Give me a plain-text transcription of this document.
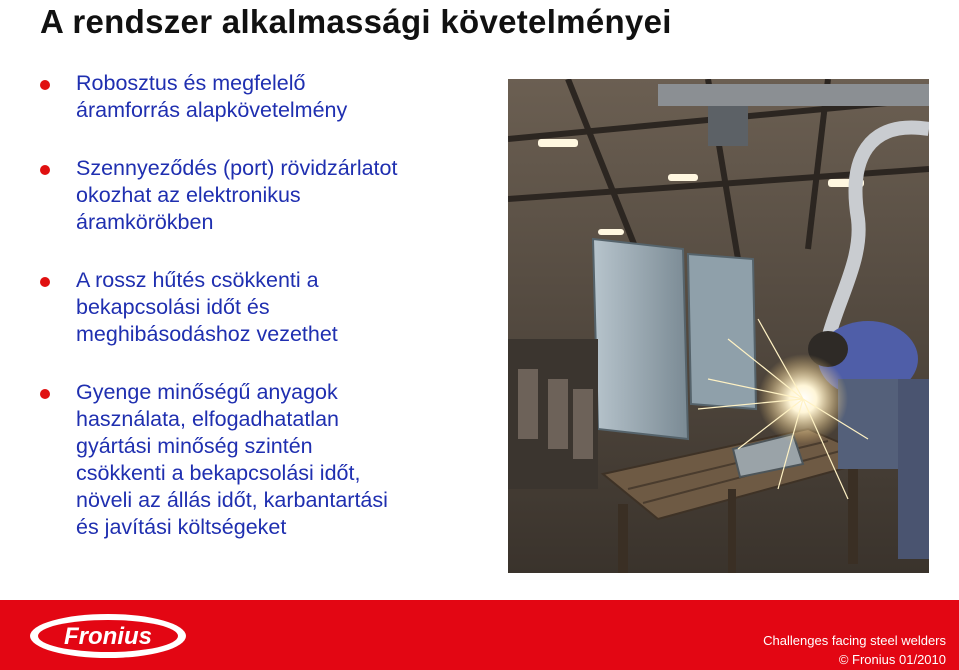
A rendszer alkalmassági követelményei
Robosztus és megfelelő
áramforrás alapkövetelmény
Szennyeződés (port) rövidzárlatot
okozhat az elektronikus
áramkörökben
A rossz hűtés csökkenti a
bekapcsolási időt és
meghibásodáshoz vezethet
Gyenge minőségű anyagok
használata, elfogadhatatlan
gyártási minőség szintén
csökkenti a bekapcsolási időt,
növeli az állás időt, karbantartási
és javítási költségeket
Challenges facing steel welders
© Fronius 01/2010
Fronius
